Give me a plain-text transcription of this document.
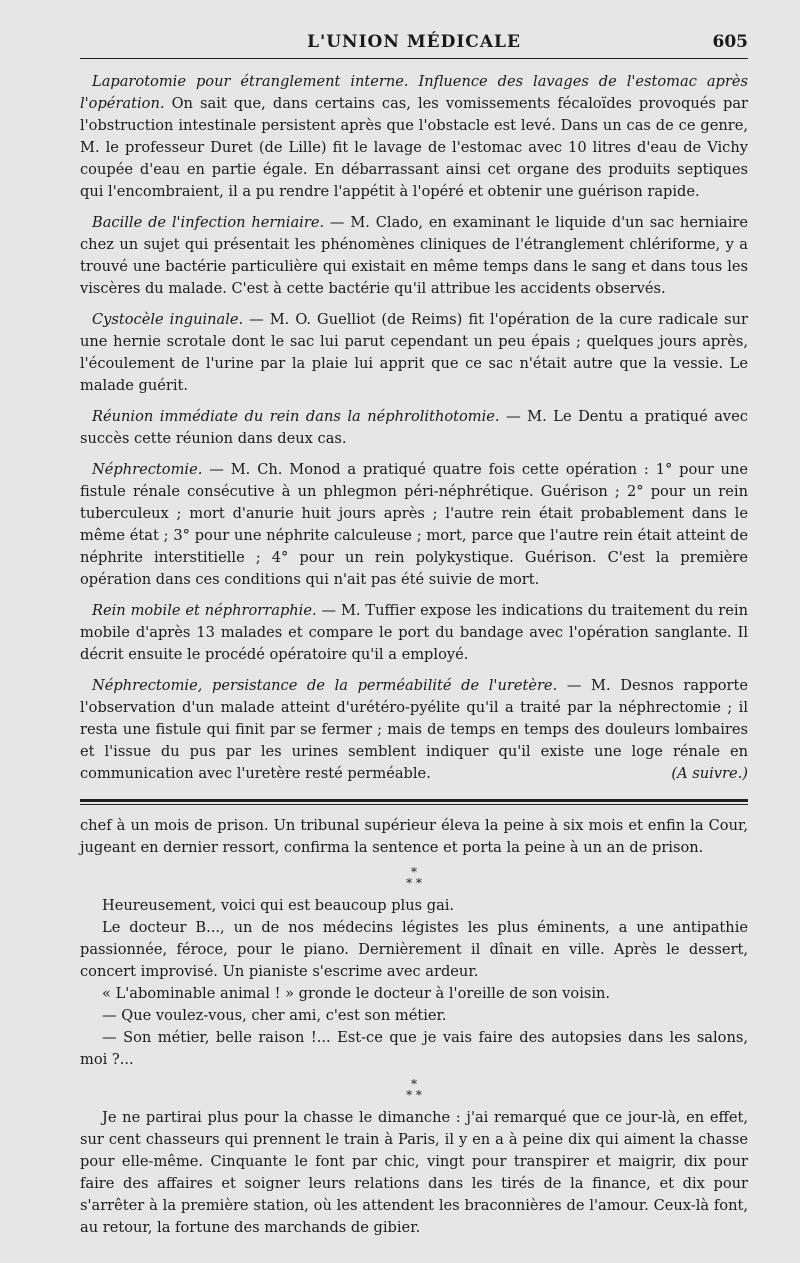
L'UNION MÉDICALE	605

Laparotomie pour étranglement interne. Influence des lavages de l'estomac après l'opération. On sait que, dans certains cas, les vomissements fécaloïdes provoqués par l'obstruction intestinale persistent après que l'obstacle est levé. Dans un cas de ce genre, M. le professeur Duret (de Lille) fit le lavage de l'estomac avec 10 litres d'eau de Vichy coupée d'eau en partie égale. En débarrassant ainsi cet organe des produits septiques qui l'encombraient, il a pu rendre l'appétit à l'opéré et obtenir une guérison rapide.

Bacille de l'infection herniaire. — M. Clado, en examinant le liquide d'un sac herniaire chez un sujet qui présentait les phénomènes cliniques de l'étranglement chlériforme, y a trouvé une bactérie particulière qui existait en même temps dans le sang et dans tous les viscères du malade. C'est à cette bactérie qu'il attribue les accidents observés.

Cystocèle inguinale. — M. O. Guelliot (de Reims) fit l'opération de la cure radicale sur une hernie scrotale dont le sac lui parut cependant un peu épais ; quelques jours après, l'écoulement de l'urine par la plaie lui apprit que ce sac n'était autre que la vessie. Le malade guérit.

Réunion immédiate du rein dans la néphrolithotomie. — M. Le Dentu a pratiqué avec succès cette réunion dans deux cas.

Néphrectomie. — M. Ch. Monod a pratiqué quatre fois cette opération : 1° pour une fistule rénale consécutive à un phlegmon péri-néphrétique. Guérison ; 2° pour un rein tuberculeux ; mort d'anurie huit jours après ; l'autre rein était probablement dans le même état ; 3° pour une néphrite calculeuse ; mort, parce que l'autre rein était atteint de néphrite interstitielle ; 4° pour un rein polykystique. Guérison. C'est la première opération dans ces conditions qui n'ait pas été suivie de mort.

Rein mobile et néphrorraphie. — M. Tuffier expose les indications du traitement du rein mobile d'après 13 malades et compare le port du bandage avec l'opération sanglante. Il décrit ensuite le procédé opératoire qu'il a employé.

Néphrectomie, persistance de la perméabilité de l'uretère. — M. Desnos rapporte l'observation d'un malade atteint d'urétéro-pyélite qu'il a traité par la néphrectomie ; il resta une fistule qui finit par se fermer ; mais de temps en temps des douleurs lombaires et l'issue du pus par les urines semblent indiquer qu'il existe une loge rénale en communication avec l'uretère resté perméable.	(A suivre.)

chef à un mois de prison. Un tribunal supérieur éleva la peine à six mois et enfin la Cour, jugeant en dernier ressort, confirma la sentence et porta la peine à un an de prison.

*
* *

Heureusement, voici qui est beaucoup plus gai.

Le docteur B..., un de nos médecins légistes les plus éminents, a une antipathie passionnée, féroce, pour le piano. Dernièrement il dînait en ville. Après le dessert, concert improvisé. Un pianiste s'escrime avec ardeur.

« L'abominable animal ! » gronde le docteur à l'oreille de son voisin.

— Que voulez-vous, cher ami, c'est son métier.

— Son métier, belle raison !... Est-ce que je vais faire des autopsies dans les salons, moi ?...

*
* *

Je ne partirai plus pour la chasse le dimanche : j'ai remarqué que ce jour-là, en effet, sur cent chasseurs qui prennent le train à Paris, il y en a à peine dix qui aiment la chasse pour elle-même. Cinquante le font par chic, vingt pour transpirer et maigrir, dix pour faire des affaires et soigner leurs relations dans les tirés de la finance, et dix pour s'arrêter à la première station, où les attendent les braconnières de l'amour. Ceux-là font, au retour, la fortune des marchands de gibier.
